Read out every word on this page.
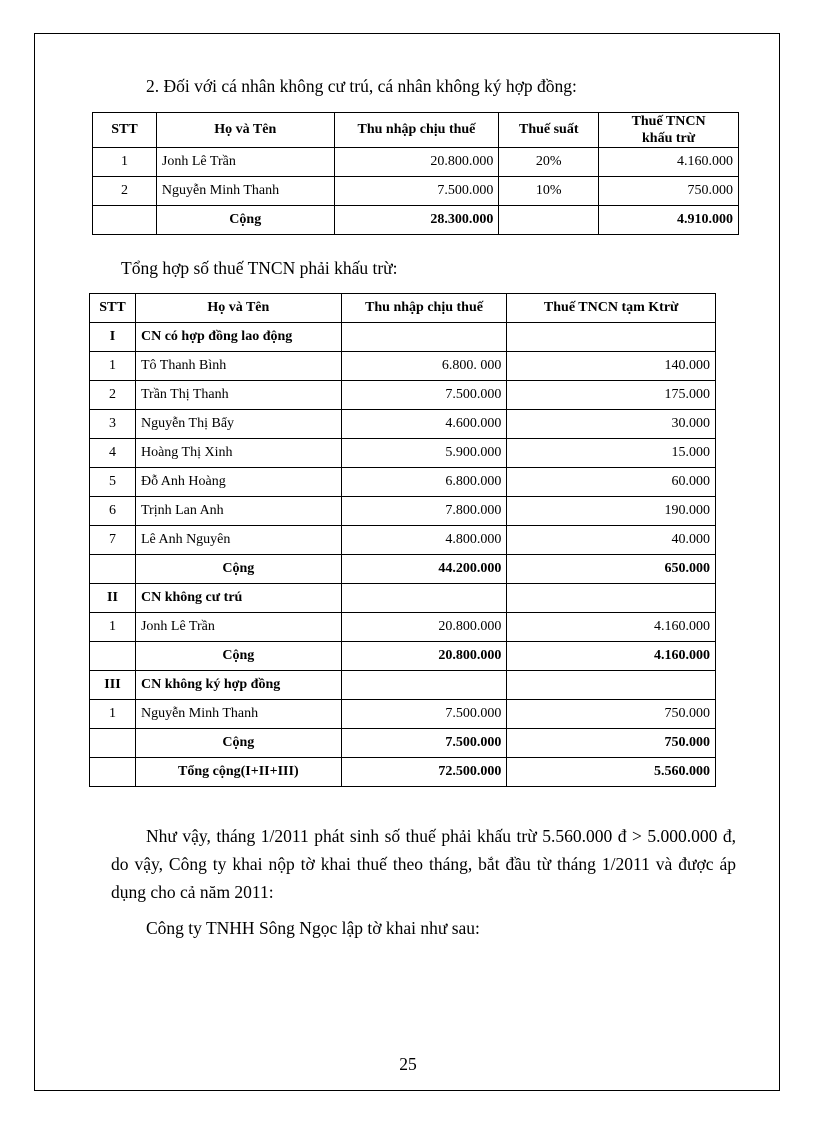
2. Đối với cá nhân không cư trú, cá nhân không ký hợp đồng:
STT	Họ và Tên	Thu nhập chịu thuế	Thuế suất	Thuế TNCN
khấu trừ
1	Jonh Lê Trần	20.800.000	20%	4.160.000
2	Nguyễn Minh Thanh	7.500.000	10%	750.000
	Cộng	28.300.000		4.910.000
Tổng hợp số thuế TNCN phải khấu trừ:
STT	Họ và Tên	Thu nhập chịu thuế	Thuế TNCN tạm Ktrừ
I	CN có hợp đồng lao động		
1	Tô Thanh Bình	6.800. 000	140.000
2	Trần Thị Thanh	7.500.000	175.000
3	Nguyễn Thị Bẩy	4.600.000	30.000
4	Hoàng Thị Xinh	5.900.000	15.000
5	Đỗ Anh Hoàng	6.800.000	60.000
6	Trịnh Lan Anh	7.800.000	190.000
7	Lê Anh Nguyên	4.800.000	40.000
	Cộng	44.200.000	650.000
II	CN không cư trú		
1	Jonh Lê Trần	20.800.000	4.160.000
	Cộng	20.800.000	4.160.000
III	CN không ký hợp đồng		
1	Nguyễn Minh Thanh	7.500.000	750.000
	Cộng	7.500.000	750.000
	Tổng cộng(I+II+III)	72.500.000	5.560.000
Như vậy, tháng 1/2011 phát sinh số thuế phải khấu trừ 5.560.000 đ > 5.000.000 đ, do vậy, Công ty khai nộp tờ khai thuế theo tháng, bắt đầu từ tháng 1/2011 và được áp dụng cho cả năm 2011:
Công ty TNHH Sông Ngọc lập tờ khai như sau:
25
